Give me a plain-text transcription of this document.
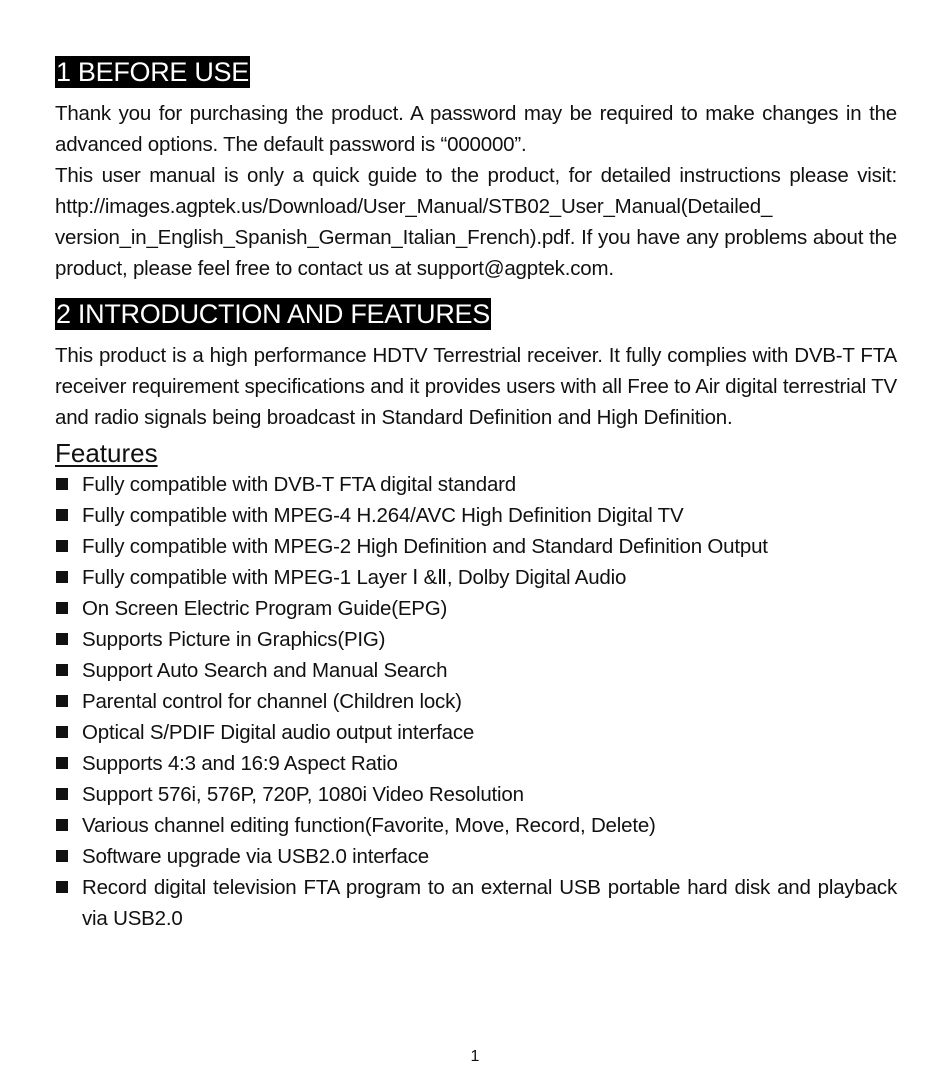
1 BEFORE USE

Thank you for purchasing the product. A password may be required to make changes in the advanced options. The default password is “000000”.

This user manual is only a quick guide to the product, for detailed instructions please visit: http://images.agptek.us/Download/User_Manual/STB02_User_Manual(Detailed_ version_in_English_Spanish_German_Italian_French).pdf. If you have any problems about the product, please feel free to contact us at support@agptek.com.

2 INTRODUCTION AND FEATURES

This product is a high performance HDTV Terrestrial receiver. It fully complies with DVB-T FTA receiver requirement specifications and it provides users with all Free to Air digital terrestrial TV and radio signals being broadcast in Standard Definition and High Definition.

Features
Fully compatible with DVB-T FTA digital standard
Fully compatible with MPEG-4 H.264/AVC High Definition Digital TV
Fully compatible with MPEG-2 High Definition and Standard Definition Output
Fully compatible with MPEG-1 Layer Ⅰ &Ⅱ, Dolby Digital Audio
On Screen Electric Program Guide(EPG)
Supports Picture in Graphics(PIG)
Support Auto Search and Manual Search
Parental control for channel (Children lock)
Optical S/PDIF Digital audio output interface
Supports 4:3 and 16:9 Aspect Ratio
Support 576i, 576P, 720P, 1080i Video Resolution
Various channel editing function(Favorite, Move, Record, Delete)
Software upgrade via USB2.0 interface
Record digital television FTA program to an external USB portable hard disk and playback via USB2.0
1
